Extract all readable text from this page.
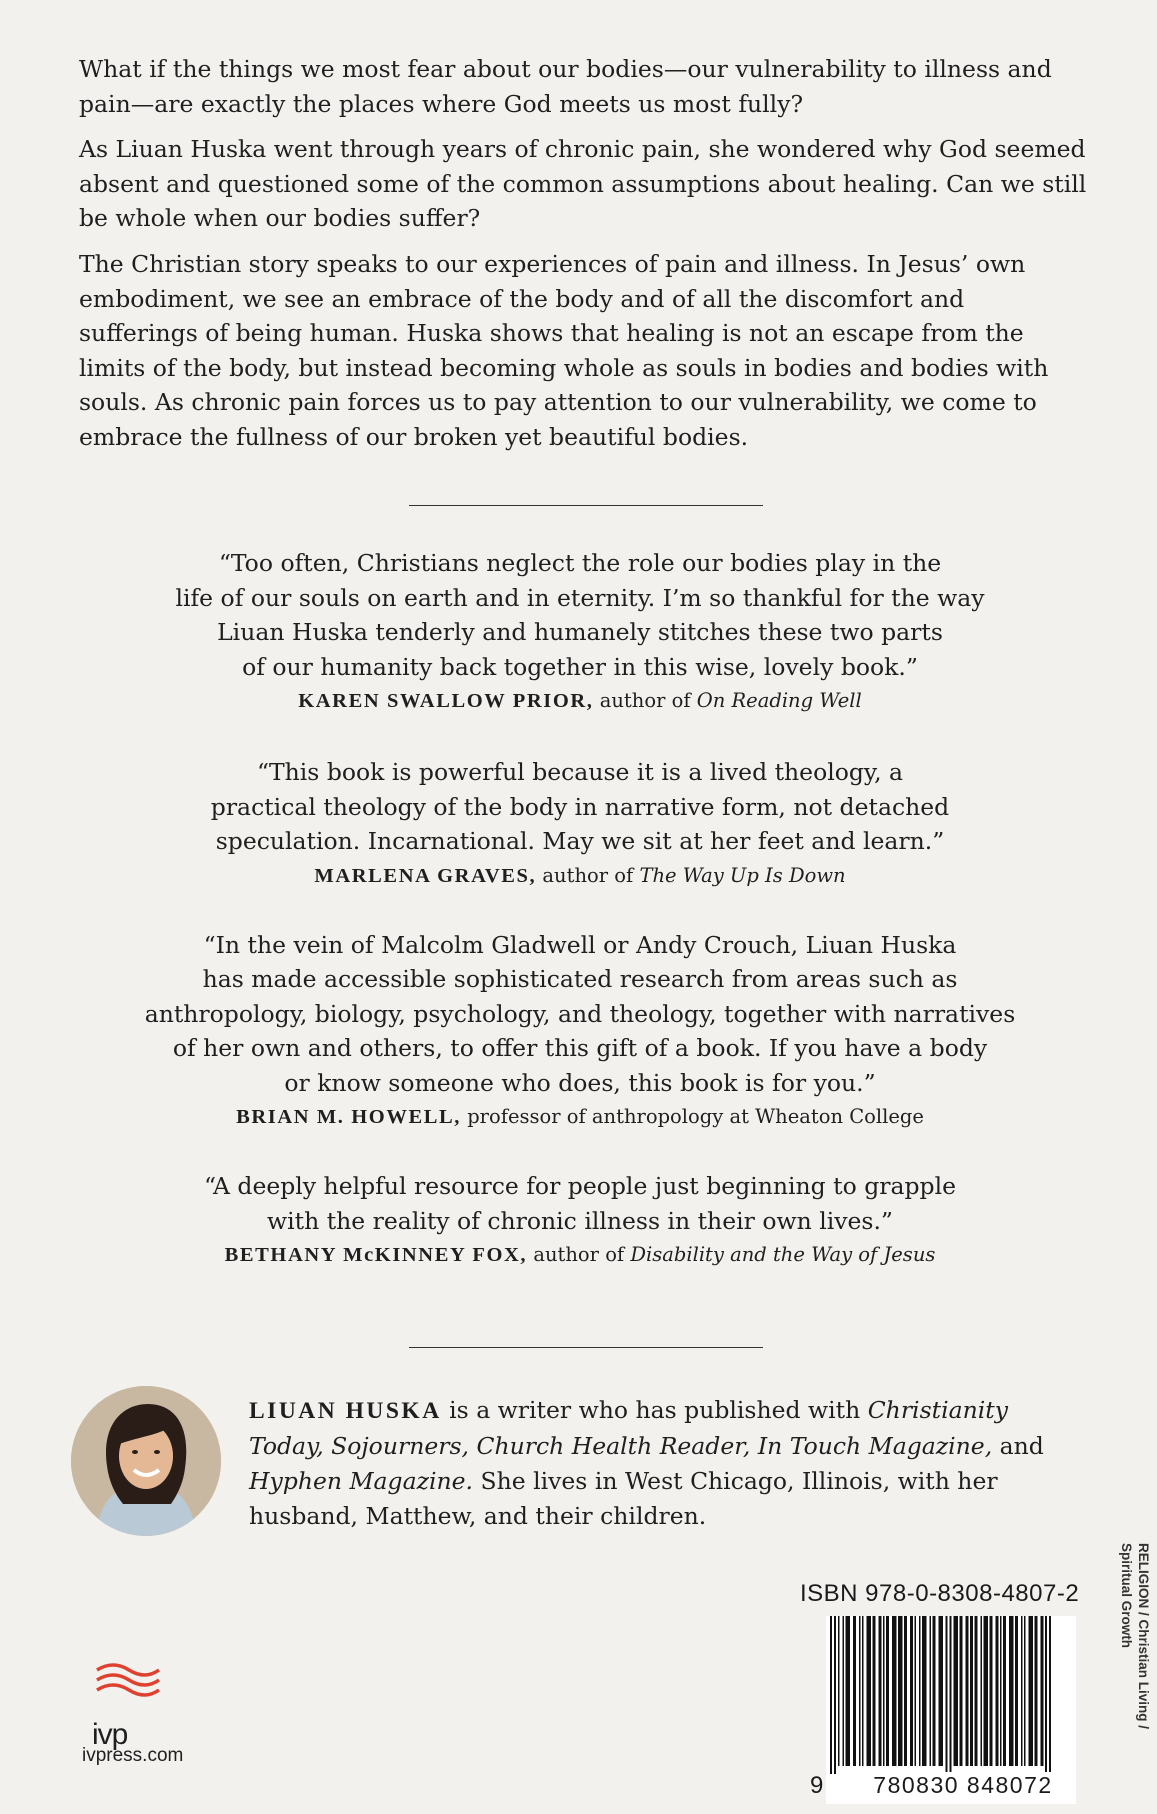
What if the things we most fear about our bodies—our vulnerability to illness and pain—are exactly the places where God meets us most fully?

As Liuan Huska went through years of chronic pain, she wondered why God seemed absent and questioned some of the common assumptions about healing. Can we still be whole when our bodies suffer?

The Christian story speaks to our experiences of pain and illness. In Jesus’ own embodiment, we see an embrace of the body and of all the discomfort and sufferings of being human. Huska shows that healing is not an escape from the limits of the body, but instead becoming whole as souls in bodies and bodies with souls. As chronic pain forces us to pay attention to our vulnerability, we come to embrace the fullness of our broken yet beautiful bodies.

“Too often, Christians neglect the role our bodies play in the
life of our souls on earth and in eternity. I’m so thankful for the way
Liuan Huska tenderly and humanely stitches these two parts
of our humanity back together in this wise, lovely book.”

KAREN SWALLOW PRIOR, author of On Reading Well

“This book is powerful because it is a lived theology, a
practical theology of the body in narrative form, not detached
speculation. Incarnational. May we sit at her feet and learn.”

MARLENA GRAVES, author of The Way Up Is Down

“In the vein of Malcolm Gladwell or Andy Crouch, Liuan Huska
has made accessible sophisticated research from areas such as
anthropology, biology, psychology, and theology, together with narratives
of her own and others, to offer this gift of a book. If you have a body
or know someone who does, this book is for you.”

BRIAN M. HOWELL, professor of anthropology at Wheaton College

“A deeply helpful resource for people just beginning to grapple
with the reality of chronic illness in their own lives.”

BETHANY McKINNEY FOX, author of Disability and the Way of Jesus

LIUAN HUSKA is a writer who has published with Christianity Today, Sojourners, Church Health Reader, In Touch Magazine, and Hyphen Magazine. She lives in West Chicago, Illinois, with her husband, Matthew, and their children.

ISBN 978-0-8308-4807-2
9	780830 848072
RELIGION / Christian Living /
Spiritual Growth
ivp
ivpress.com
